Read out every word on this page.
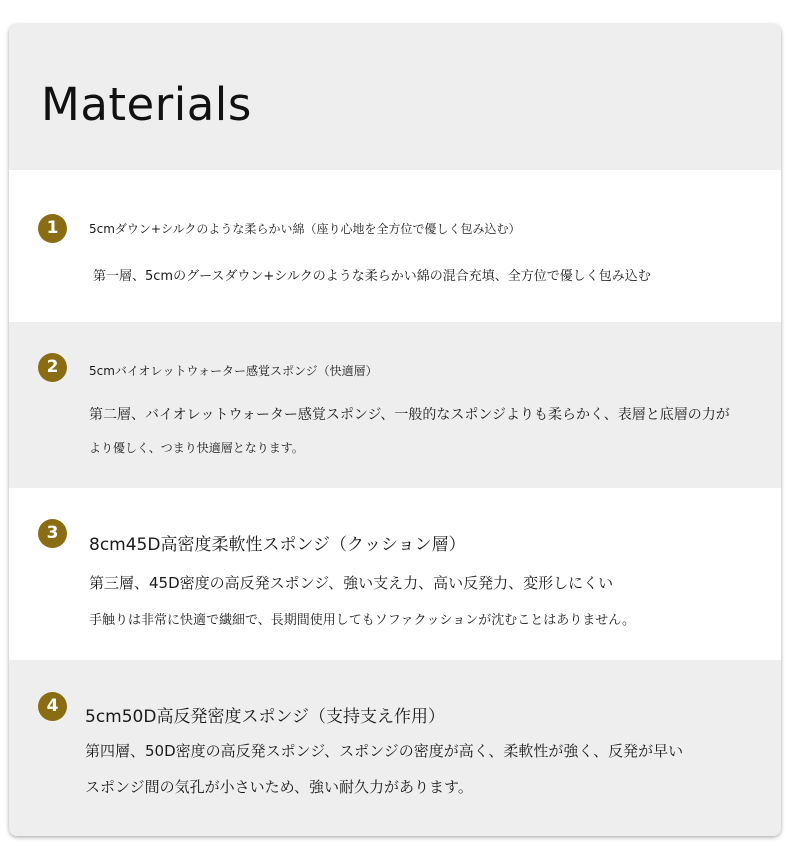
Materials
1	5cmダウン+シルクのような柔らかい綿（座り心地を全方位で優しく包み込む）
第一層、5cmのグースダウン+シルクのような柔らかい綿の混合充填、全方位で優しく包み込む
2	5cmバイオレットウォーター感覚スポンジ（快適層）
第二層、バイオレットウォーター感覚スポンジ、一般的なスポンジよりも柔らかく、表層と底層の力が
より優しく、つまり快適層となります。
3
8cm45D高密度柔軟性スポンジ（クッション層）
第三層、45D密度の高反発スポンジ、強い支え力、高い反発力、変形しにくい
手触りは非常に快適で繊細で、長期間使用してもソファクッションが沈むことはありません。
4
5cm50D高反発密度スポンジ（支持支え作用）
第四層、50D密度の高反発スポンジ、スポンジの密度が高く、柔軟性が強く、反発が早い
スポンジ間の気孔が小さいため、強い耐久力があります。
